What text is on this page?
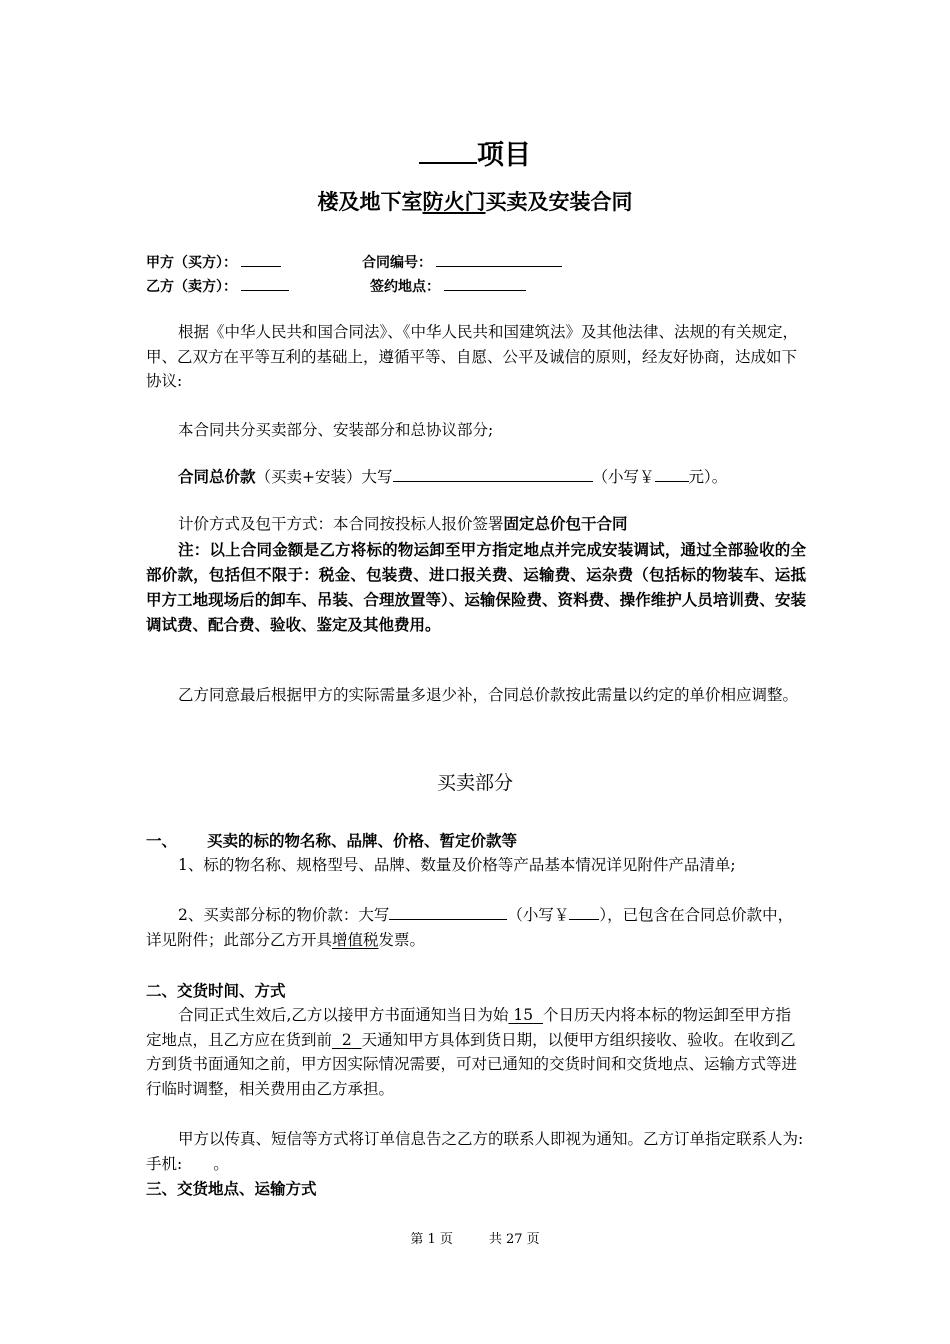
项目
楼及地下室防火门买卖及安装合同
甲方（买方）：	合同编号：
乙方（卖方）：	签约地点：

根据《中华人民共和国合同法》、《中华人民共和国建筑法》及其他法律、法规的有关规定，甲、乙双方在平等互利的基础上，遵循平等、自愿、公平及诚信的原则，经友好协商，达成如下协议:

本合同共分买卖部分、安装部分和总协议部分;

合同总价款（买卖+安装）大写	（小写￥ 元）。

计价方式及包干方式：本合同按投标人报价签署固定总价包干合同

注：以上合同金额是乙方将标的物运卸至甲方指定地点并完成安装调试，通过全部验收的全部价款，包括但不限于：税金、包装费、进口报关费、运输费、运杂费（包括标的物装车、运抵甲方工地现场后的卸车、吊装、合理放置等）、运输保险费、资料费、操作维护人员培训费、安装调试费、配合费、验收、鉴定及其他费用。

乙方同意最后根据甲方的实际需量多退少补，合同总价款按此需量以约定的单价相应调整。

买卖部分
一、 买卖的标的物名称、品牌、价格、暂定价款等

1、标的物名称、规格型号、品牌、数量及价格等产品基本情况详见附件产品清单;

2、买卖部分标的物价款：大写	（小写￥ ），已包含在合同总价款中，详见附件；此部分乙方开具增值税发票。

二、交货时间、方式

合同正式生效后,乙方以接甲方书面通知当日为始 15 个日历天内将本标的物运卸至甲方指定地点，且乙方应在货到前 2 天通知甲方具体到货日期，以便甲方组织接收、验收。在收到乙方到货书面通知之前，甲方因实际情况需要，可对已通知的交货时间和交货地点、运输方式等进行临时调整，相关费用由乙方承担。

甲方以传真、短信等方式将订单信息告之乙方的联系人即视为通知。乙方订单指定联系人为:　　手机:　　。

三、交货地点、运输方式
第 1 页	共 27 页
